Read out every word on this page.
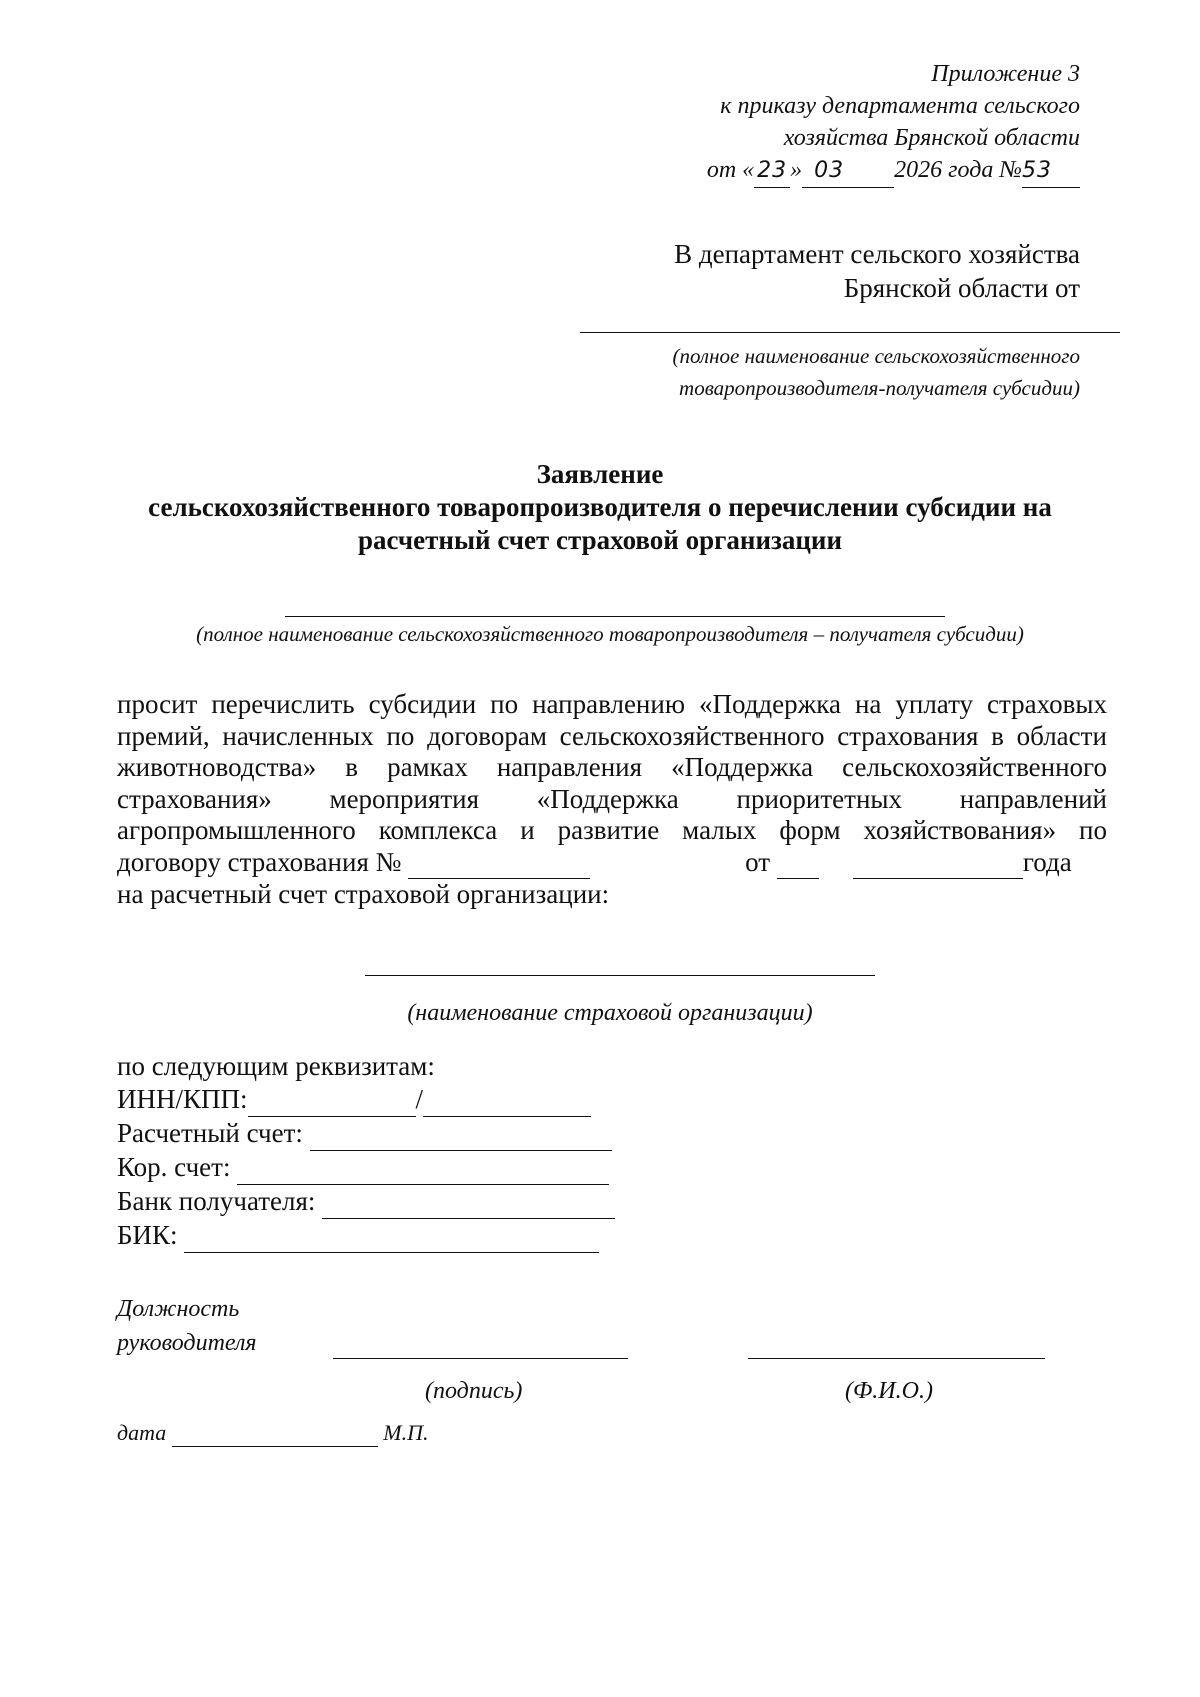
Приложение 3
к приказу департамента сельского
хозяйства Брянской области
от « 23 » 03 2026 года №53
В департамент сельского хозяйства
Брянской области от
(полное наименование сельскохозяйственного
товаропроизводителя-получателя субсидии)
Заявление
сельскохозяйственного товаропроизводителя о перечислении субсидии на
расчетный счет страховой организации
(полное наименование сельскохозяйственного товаропроизводителя – получателя субсидии)
просит перечислить субсидии по направлению «Поддержка на уплату страховых
премий, начисленных по договорам сельскохозяйственного страхования в области
животноводства» в рамках направления «Поддержка сельскохозяйственного
страхования» мероприятия «Поддержка приоритетных направлений
агропромышленного комплекса и развитие малых форм хозяйствования» по
договору страхования №	от	года
на расчетный счет страховой организации:
(наименование страховой организации)
по следующим реквизитам:
ИНН/КПП:	/
Расчетный счет:
Кор. счет:
Банк получателя:
БИК:
Должность
руководителя
(подпись)	(Ф.И.О.)
дата	М.П.
